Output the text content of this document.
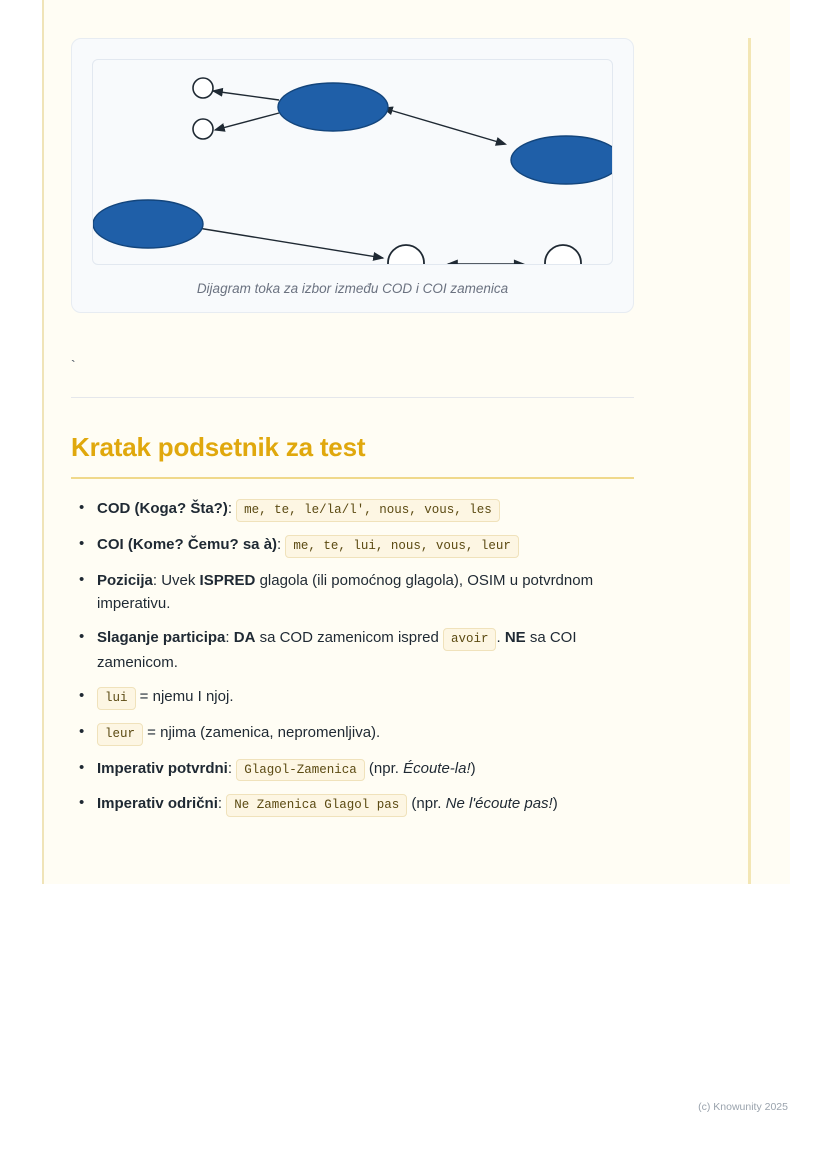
Dijagram toka za izbor između COD i COI zamenica
`
Kratak podsetnik za test
• COD (Koga? Šta?): me, te, le/la/l', nous, vous, les
• COI (Kome? Čemu? sa à): me, te, lui, nous, vous, leur
• Pozicija: Uvek ISPRED glagola (ili pomoćnog glagola), OSIM u potvrdnom imperativu.
• Slaganje participa: DA sa COD zamenicom ispred avoir . NE sa COI zamenicom.
• lui = njemu I njoj.
• leur = njima (zamenica, nepromenljiva).
• Imperativ potvrdni: Glagol-Zamenica (npr. Écoute-la!)
• Imperativ odrični: Ne Zamenica Glagol pas (npr. Ne l'écoute pas!)
(c) Knowunity 2025
